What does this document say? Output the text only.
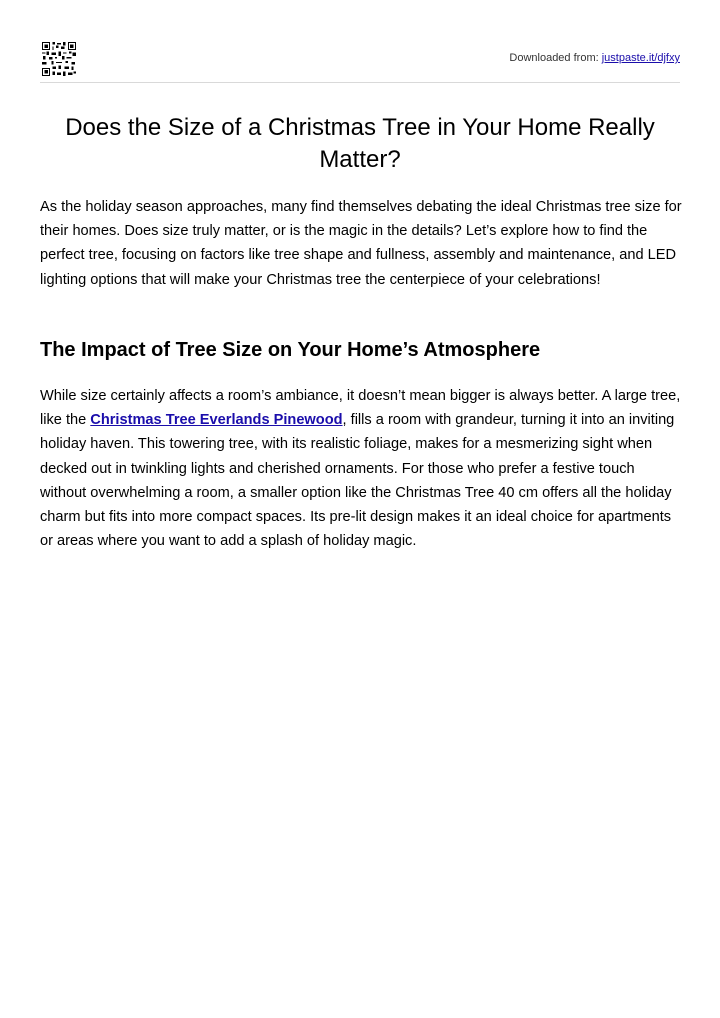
Downloaded from: justpaste.it/djfxy
Does the Size of a Christmas Tree in Your Home Really Matter?

As the holiday season approaches, many find themselves debating the ideal Christmas tree size for their homes. Does size truly matter, or is the magic in the details? Let’s explore how to find the perfect tree, focusing on factors like tree shape and fullness, assembly and maintenance, and LED lighting options that will make your Christmas tree the centerpiece of your celebrations!

The Impact of Tree Size on Your Home’s Atmosphere

While size certainly affects a room’s ambiance, it doesn’t mean bigger is always better. A large tree, like the Christmas Tree Everlands Pinewood, fills a room with grandeur, turning it into an inviting holiday haven. This towering tree, with its realistic foliage, makes for a mesmerizing sight when decked out in twinkling lights and cherished ornaments. For those who prefer a festive touch without overwhelming a room, a smaller option like the Christmas Tree 40 cm offers all the holiday charm but fits into more compact spaces. Its pre-lit design makes it an ideal choice for apartments or areas where you want to add a splash of holiday magic.
